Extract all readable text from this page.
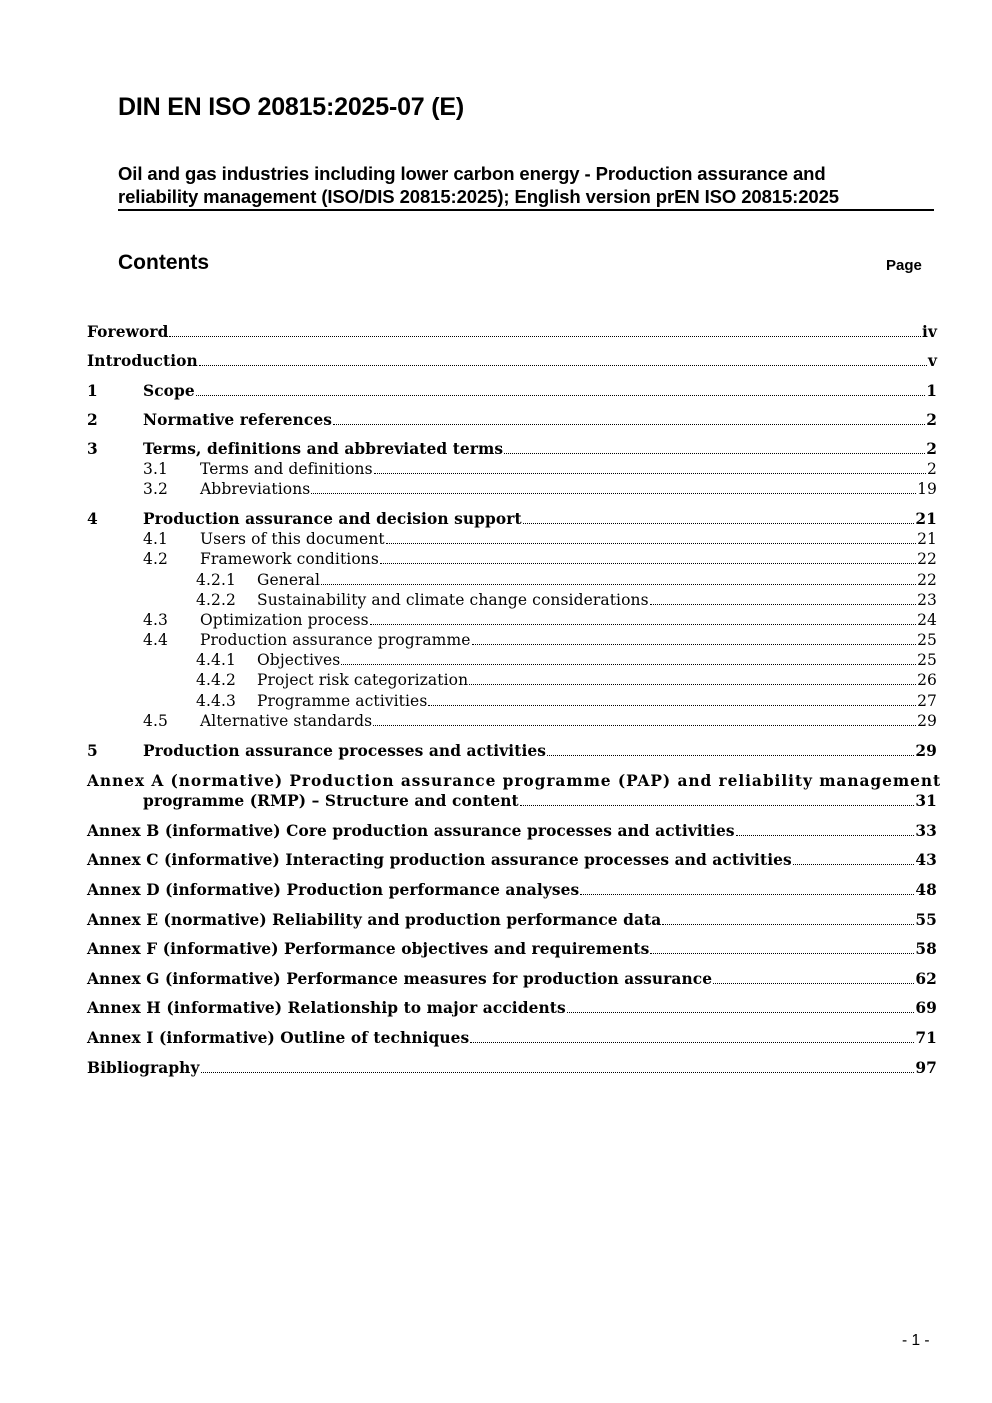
DIN EN ISO 20815:2025-07 (E)
Oil and gas industries including lower carbon energy - Production assurance and
reliability management (ISO/DIS 20815:2025); English version prEN ISO 20815:2025
Contents	Page
Foreword	iv
Introduction	v
1	Scope	1
2	Normative references	2
3	Terms, definitions and abbreviated terms	2
3.1	Terms and definitions	2
3.2	Abbreviations	19
4	Production assurance and decision support	21
4.1	Users of this document	21
4.2	Framework conditions	22
4.2.1	General	22
4.2.2	Sustainability and climate change considerations	23
4.3	Optimization process	24
4.4	Production assurance programme	25
4.4.1	Objectives	25
4.4.2	Project risk categorization	26
4.4.3	Programme activities	27
4.5	Alternative standards	29
5	Production assurance processes and activities	29
Annex A (normative) Production assurance programme (PAP) and reliability management
programme (RMP) – Structure and content	31
Annex B (informative) Core production assurance processes and activities	33
Annex C (informative) Interacting production assurance processes and activities	43
Annex D (informative) Production performance analyses	48
Annex E (normative) Reliability and production performance data	55
Annex F (informative) Performance objectives and requirements	58
Annex G (informative) Performance measures for production assurance	62
Annex H (informative) Relationship to major accidents	69
Annex I (informative) Outline of techniques	71
Bibliography	97
- 1 -
